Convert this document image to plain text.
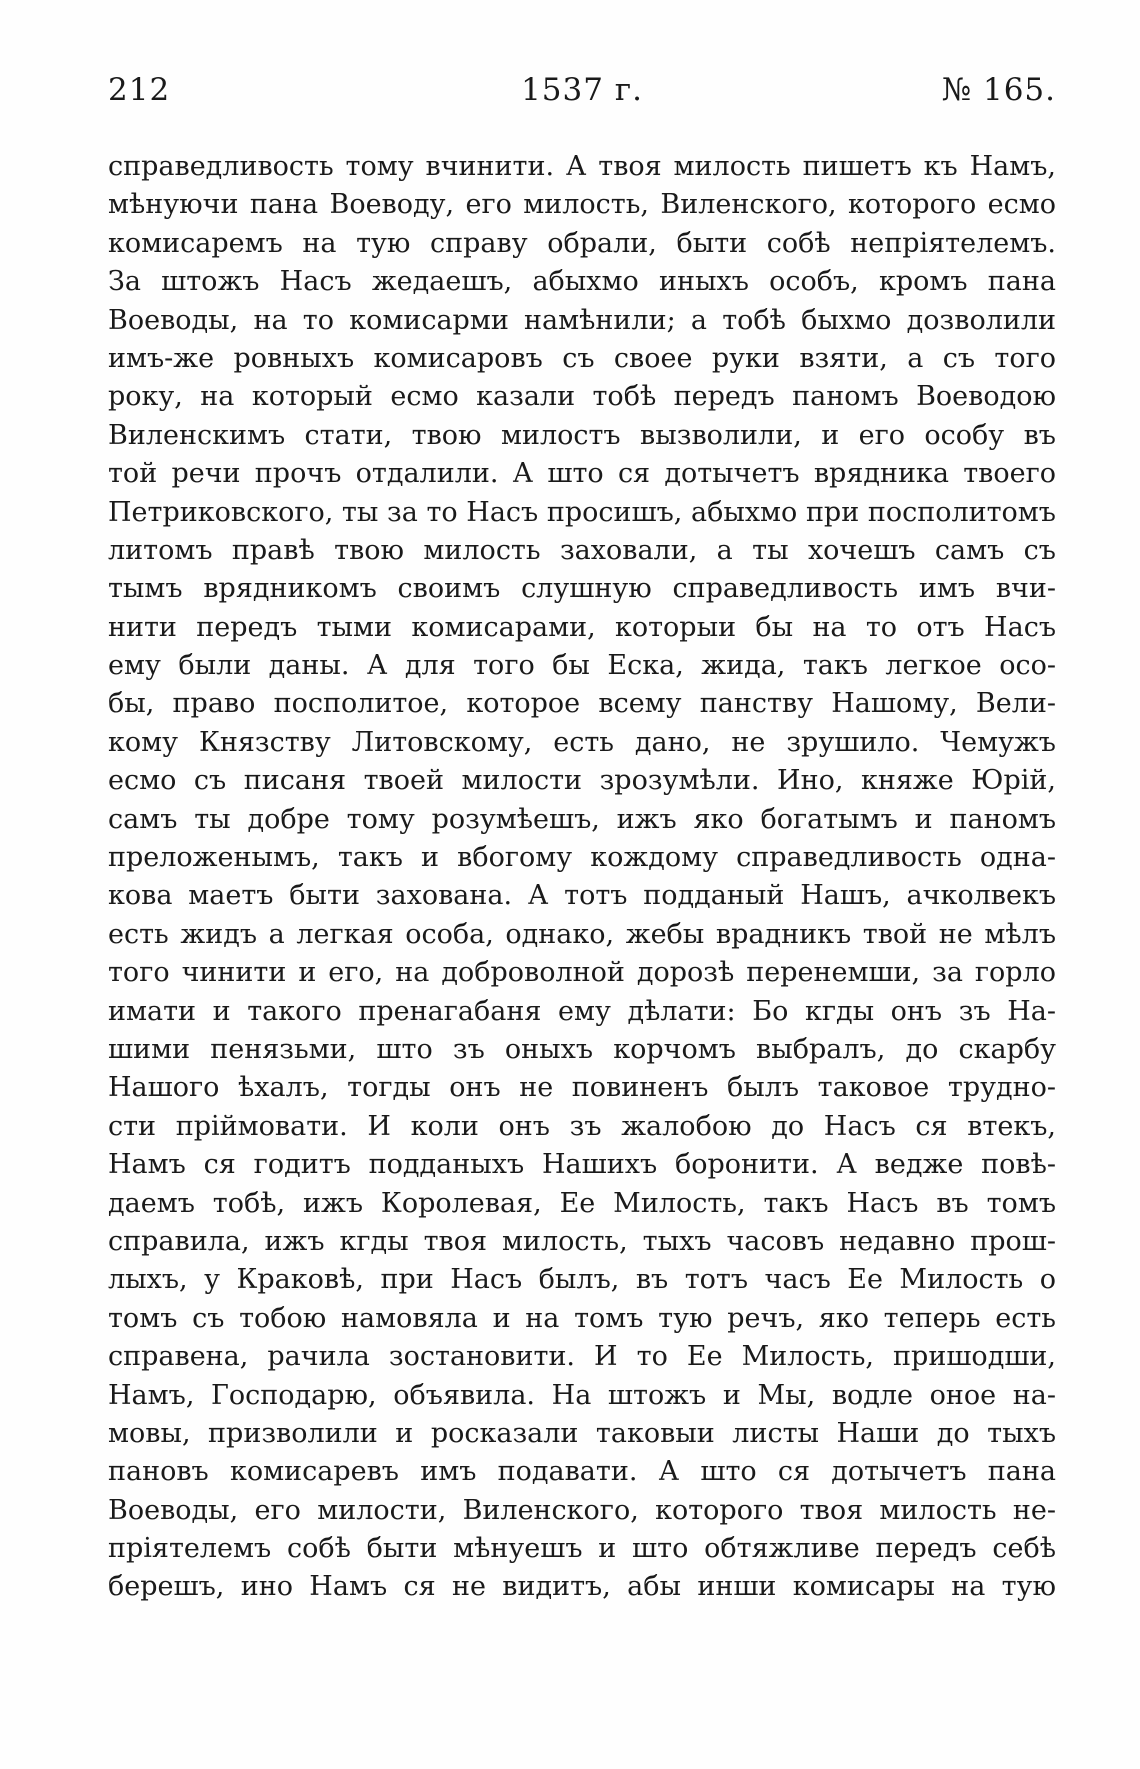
212	1537 г.	№ 165.
справедливость тому вчинити. А твоя милость пишетъ къ Намъ,
мѣнуючи пана Воеводу, его милость, Виленского, которого есмо
комисаремъ на тую справу обрали, быти собѣ непріятелемъ.
За штожъ Насъ жедаешъ, абыхмо иныхъ особъ, кромъ пана
Воеводы, на то комисарми намѣнили; а тобѣ быхмо дозволили
имъ-же ровныхъ комисаровъ съ своее руки взяти, а съ того
року, на который есмо казали тобѣ передъ паномъ Воеводою
Виленскимъ стати, твою милостъ вызволили, и его особу въ
той речи прочъ отдалили. А што ся дотычетъ врядника твоего
Петриковского, ты за то Насъ просишъ, абыхмо при посполитомъ
литомъ правѣ твою милость заховали, а ты хочешъ самъ съ
тымъ врядникомъ своимъ слушную справедливость имъ вчи-
нити передъ тыми комисарами, которыи бы на то отъ Насъ
ему были даны. А для того бы Еска, жида, такъ легкое осо-
бы, право посполитое, которое всему панству Нашому, Вели-
кому Князству Литовскому, есть дано, не зрушило. Чемужъ
есмо съ писаня твоей милости зрозумѣли. Ино, княже Юрій,
самъ ты добре тому розумѣешъ, ижъ яко богатымъ и паномъ
преложенымъ, такъ и вбогому кождому справедливость одна-
кова маетъ быти захована. А тотъ подданый Нашъ, ачколвекъ
есть жидъ а легкая особа, однако, жебы врадникъ твой не мѣлъ
того чинити и его, на доброволной дорозѣ перенемши, за горло
имати и такого пренагабаня ему дѣлати: Бо кгды онъ зъ На-
шими пенязьми, што зъ оныхъ корчомъ выбралъ, до скарбу
Нашого ѣхалъ, тогды онъ не повиненъ былъ таковое трудно-
сти пріймовати. И коли онъ зъ жалобою до Насъ ся втекъ,
Намъ ся годитъ подданыхъ Нашихъ боронити. А ведже повѣ-
даемъ тобѣ, ижъ Королевая, Ее Милость, такъ Насъ въ томъ
справила, ижъ кгды твоя милость, тыхъ часовъ недавно прош-
лыхъ, у Краковѣ, при Насъ былъ, въ тотъ часъ Ее Милость о
томъ съ тобою намовяла и на томъ тую речъ, яко теперь есть
справена, рачила зостановити. И то Ее Милость, пришодши,
Намъ, Господарю, объявила. На штожъ и Мы, водле оное на-
мовы, призволили и росказали таковыи листы Наши до тыхъ
пановъ комисаревъ имъ подавати. А што ся дотычетъ пана
Воеводы, его милости, Виленского, которого твоя милость не-
пріятелемъ собѣ быти мѣнуешъ и што обтяжливе передъ себѣ
берешъ, ино Намъ ся не видитъ, абы инши комисары на тую
